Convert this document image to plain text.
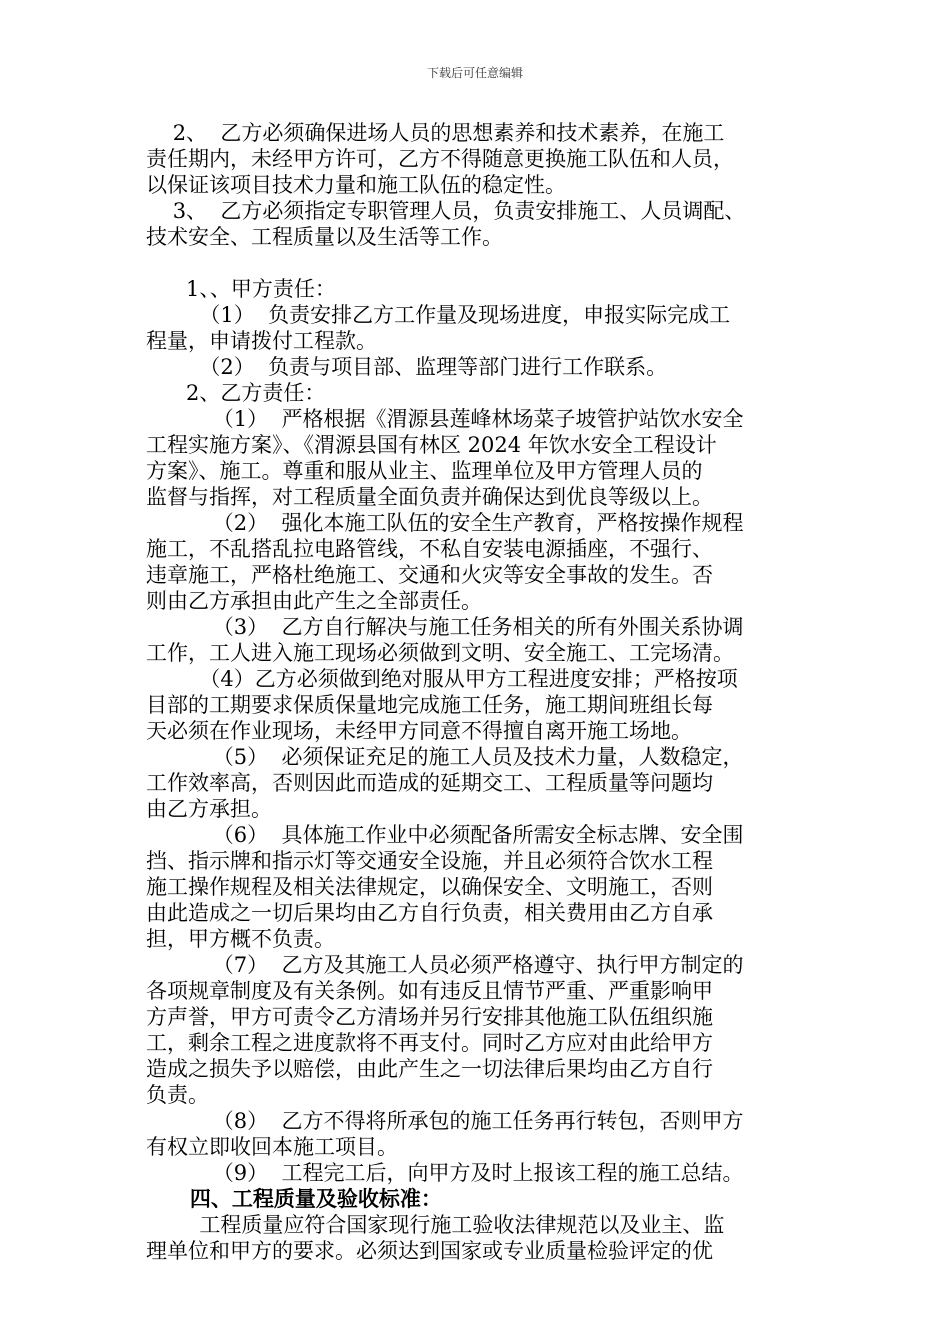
下载后可任意编辑

2、  乙方必须确保进场人员的思想素养和技术素养，在施工

责任期内，未经甲方许可，乙方不得随意更换施工队伍和人员，

以保证该项目技术力量和施工队伍的稳定性。

3、  乙方必须指定专职管理人员，负责安排施工、人员调配、

技术安全、工程质量以及生活等工作。

1、、甲方责任：

（1）  负责安排乙方工作量及现场进度，申报实际完成工

程量，申请拨付工程款。

（2）  负责与项目部、监理等部门进行工作联系。

2、乙方责任：

（1）  严格根据《渭源县莲峰林场菜子坡管护站饮水安全

工程实施方案》、《渭源县国有林区 2024 年饮水安全工程设计

方案》、施工。尊重和服从业主、监理单位及甲方管理人员的

监督与指挥，对工程质量全面负责并确保达到优良等级以上。

（2）  强化本施工队伍的安全生产教育，严格按操作规程

施工，不乱搭乱拉电路管线，不私自安装电源插座，不强行、

违章施工，严格杜绝施工、交通和火灾等安全事故的发生。否

则由乙方承担由此产生之全部责任。

（3）  乙方自行解决与施工任务相关的所有外围关系协调

工作，工人进入施工现场必须做到文明、安全施工、工完场清。

（4）乙方必须做到绝对服从甲方工程进度安排；严格按项

目部的工期要求保质保量地完成施工任务，施工期间班组长每

天必须在作业现场，未经甲方同意不得擅自离开施工场地。

（5）  必须保证充足的施工人员及技术力量，人数稳定，

工作效率高，否则因此而造成的延期交工、工程质量等问题均

由乙方承担。

（6）  具体施工作业中必须配备所需安全标志牌、安全围

挡、指示牌和指示灯等交通安全设施，并且必须符合饮水工程

施工操作规程及相关法律规定，以确保安全、文明施工，否则

由此造成之一切后果均由乙方自行负责，相关费用由乙方自承

担，甲方概不负责。

（7）  乙方及其施工人员必须严格遵守、执行甲方制定的

各项规章制度及有关条例。如有违反且情节严重、严重影响甲

方声誉，甲方可责令乙方清场并另行安排其他施工队伍组织施

工，剩余工程之进度款将不再支付。同时乙方应对由此给甲方

造成之损失予以赔偿，由此产生之一切法律后果均由乙方自行

负责。

（8）  乙方不得将所承包的施工任务再行转包，否则甲方

有权立即收回本施工项目。

（9）  工程完工后，向甲方及时上报该工程的施工总结。

四、工程质量及验收标准：

工程质量应符合国家现行施工验收法律规范以及业主、监

理单位和甲方的要求。必须达到国家或专业质量检验评定的优
